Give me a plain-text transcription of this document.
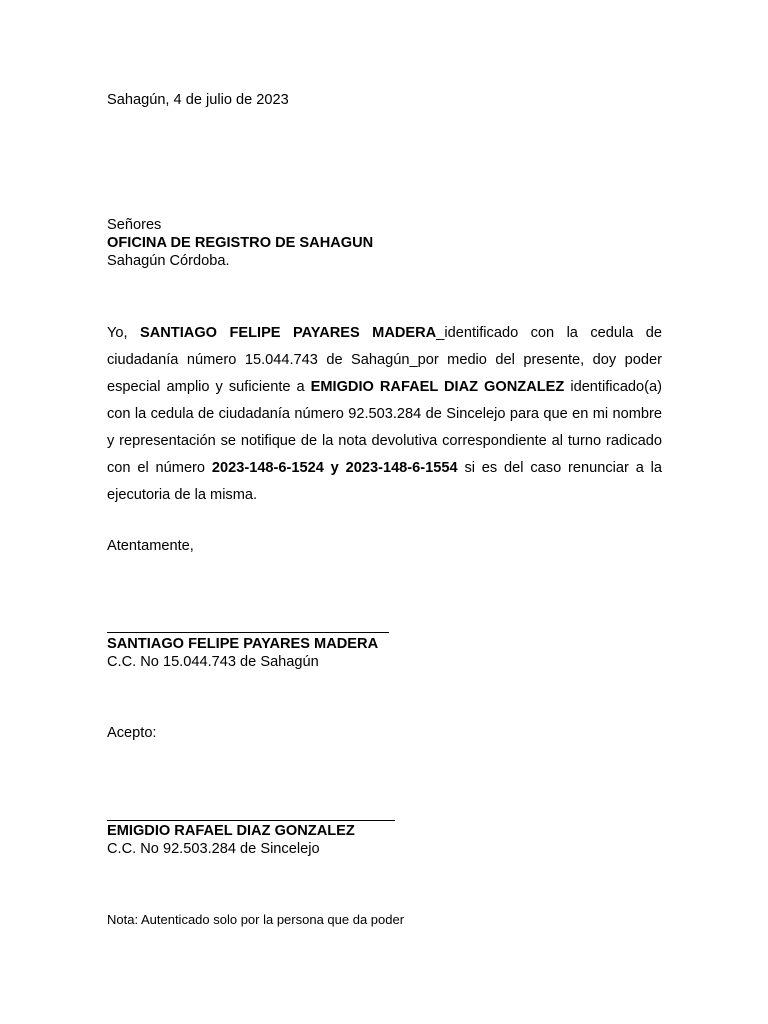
Sahagún, 4 de julio de 2023
Señores
OFICINA DE REGISTRO DE SAHAGUN
Sahagún Córdoba.

Yo, SANTIAGO FELIPE PAYARES MADERA_identificado con la cedula de ciudadanía número 15.044.743 de Sahagún_por medio del presente, doy poder especial amplio y suficiente a EMIGDIO RAFAEL DIAZ GONZALEZ identificado(a) con la cedula de ciudadanía número 92.503.284 de Sincelejo para que en mi nombre y representación se notifique de la nota devolutiva correspondiente al turno radicado con el número 2023-148-6-1524 y 2023-148-6-1554 si es del caso renunciar a la ejecutoria de la misma.

Atentamente,
SANTIAGO FELIPE PAYARES MADERA
C.C. No 15.044.743 de Sahagún
Acepto:
EMIGDIO RAFAEL DIAZ GONZALEZ
C.C. No 92.503.284 de Sincelejo
Nota: Autenticado solo por la persona que da poder
